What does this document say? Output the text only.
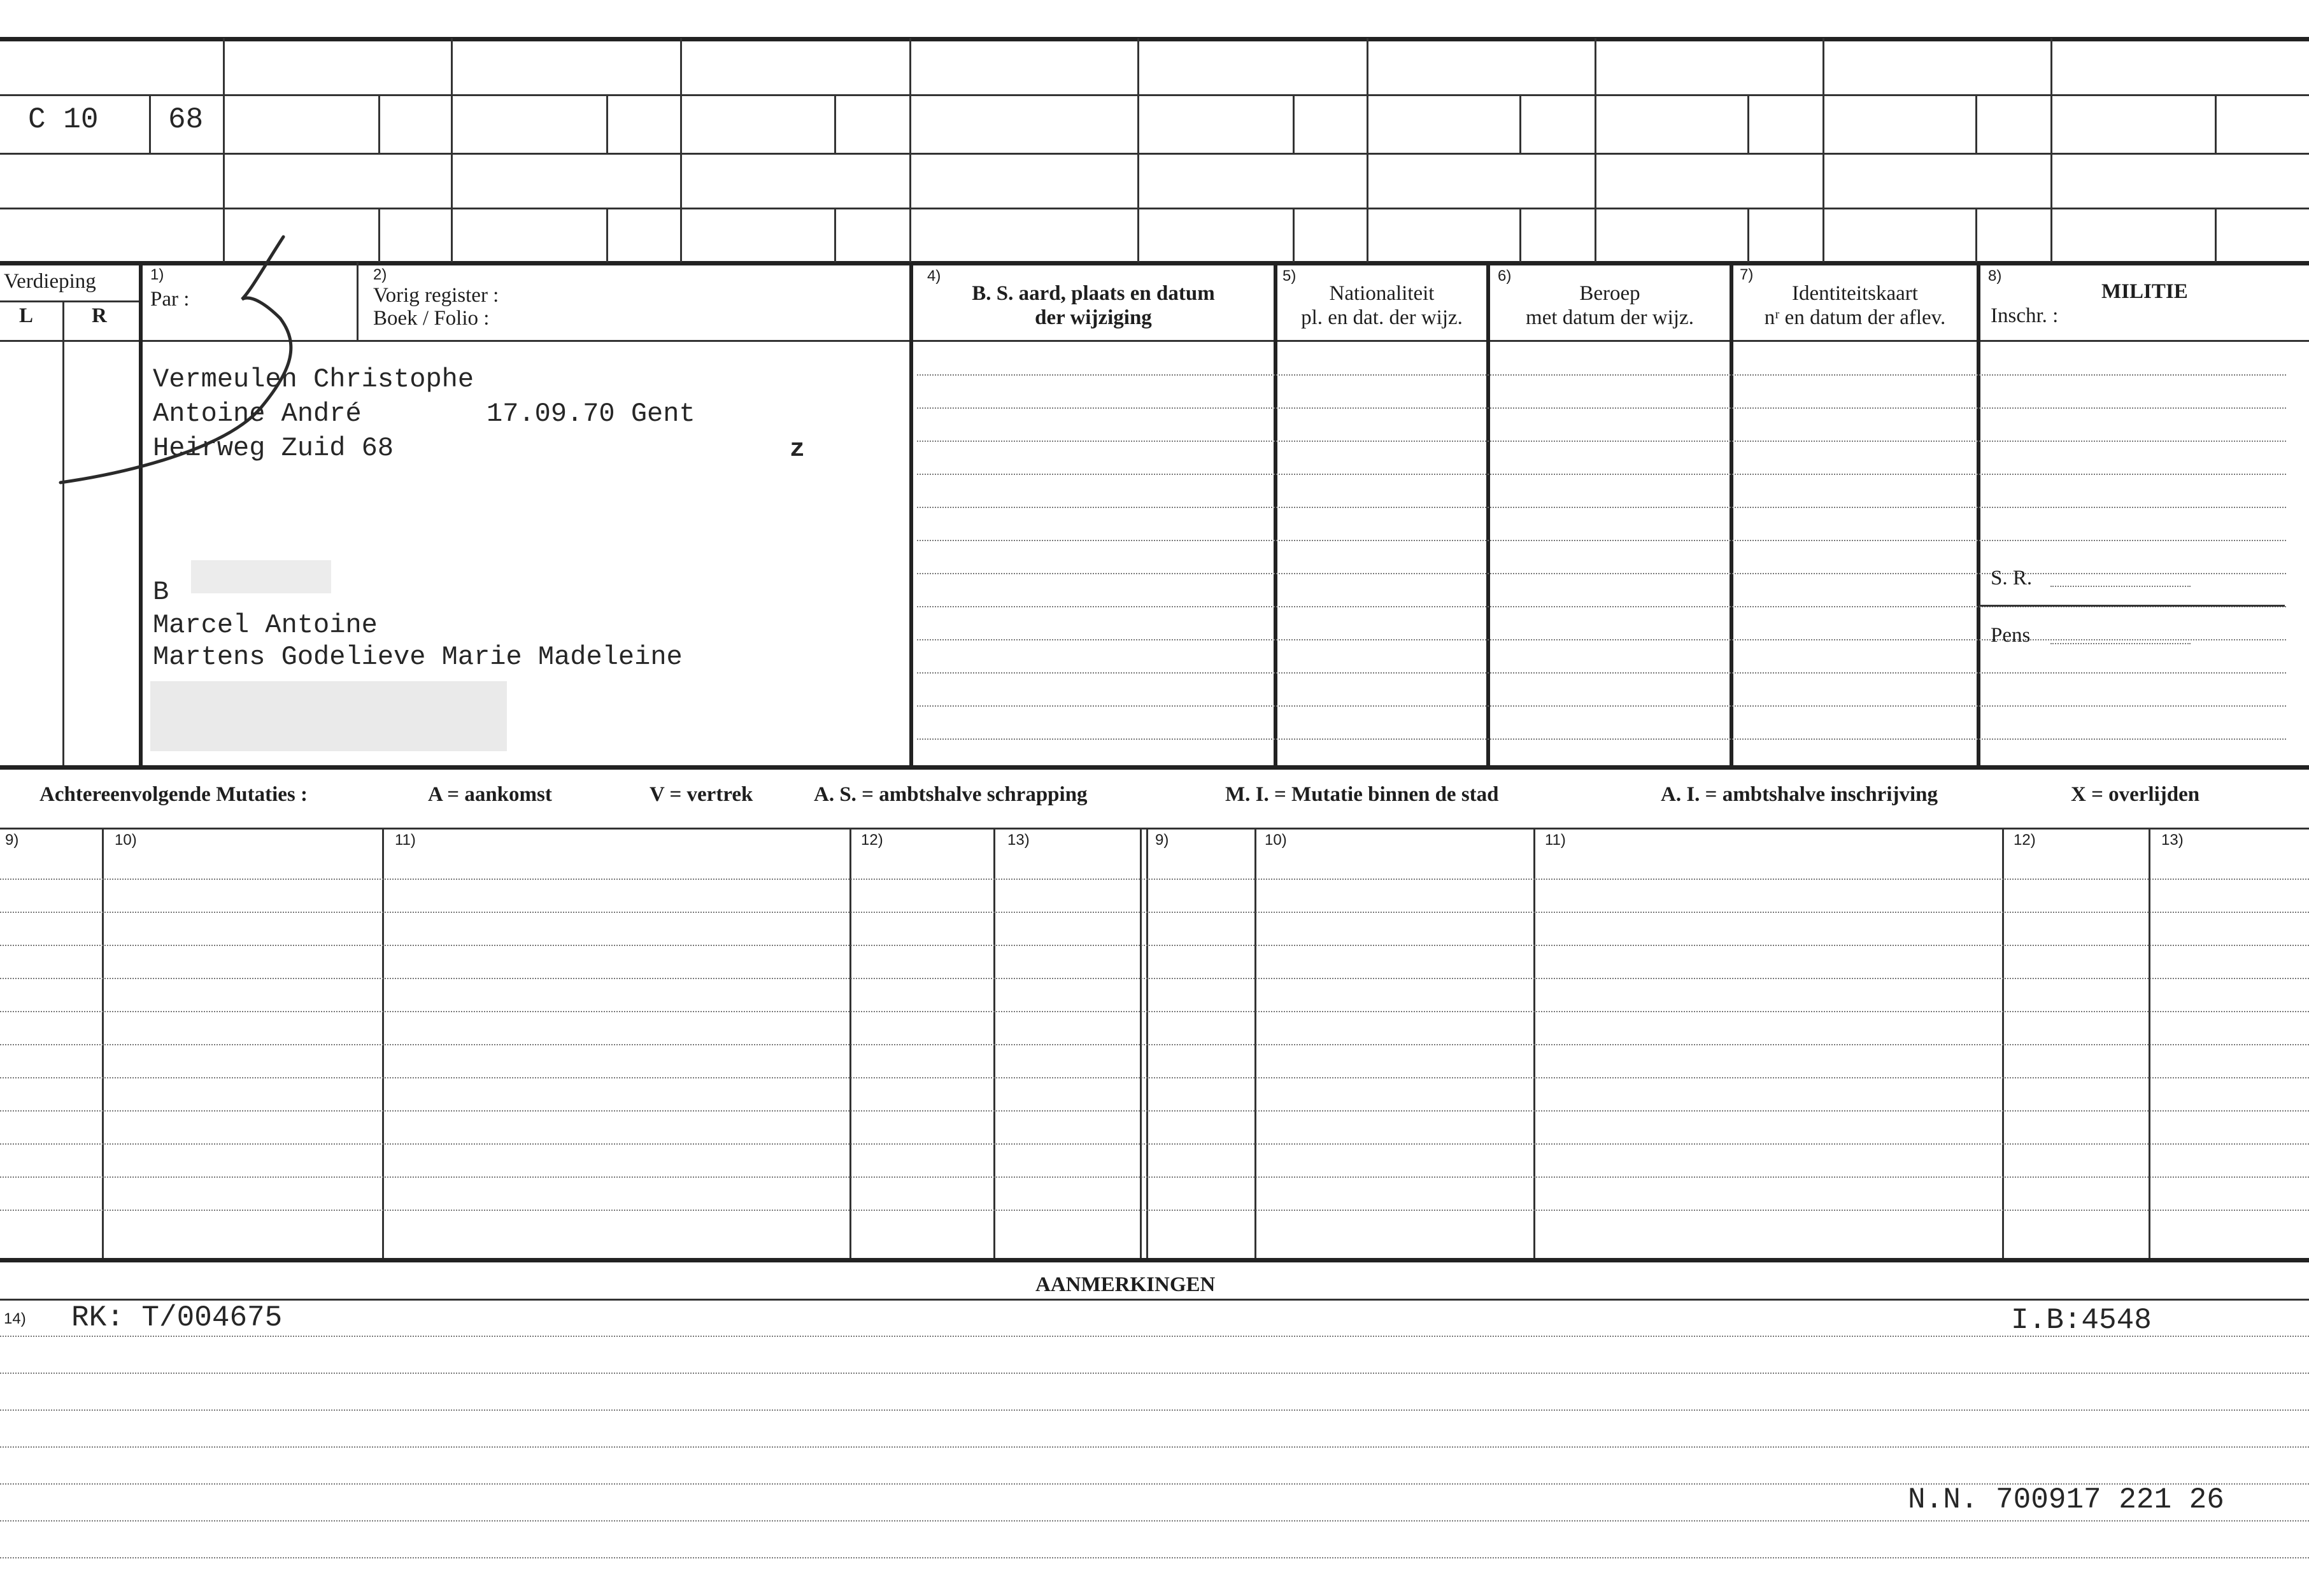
C 10 68
Verdieping
L	R
1)
Par :
2)
Vorig register :
Boek / Folio :
4)
B. S. aard, plaats en datum
der wijziging
5)
Nationaliteit
pl. en dat. der wijz.
6)
Beroep
met datum der wijz.
7)
Identiteitskaart
nʳ en datum der aflev.
8)
MILITIE
Inschr. :
Vermeulen Christophe
Antoine André	17.09.70 Gent
Heirweg Zuid 68	z
B
Marcel Antoine
Martens Godelieve Marie Madeleine
S. R.
Pens
Achtereenvolgende Mutaties :	A = aankomst	V = vertrek	A. S. = ambtshalve schrapping	M. I. = Mutatie binnen de stad	A. I. = ambtshalve inschrijving	X = overlijden
9)	10)	11)	12)	13)	9)	10)	11)	12)	13)
AANMERKINGEN
14) RK: T/004675	I.B:4548
N.N. 700917 221 26
